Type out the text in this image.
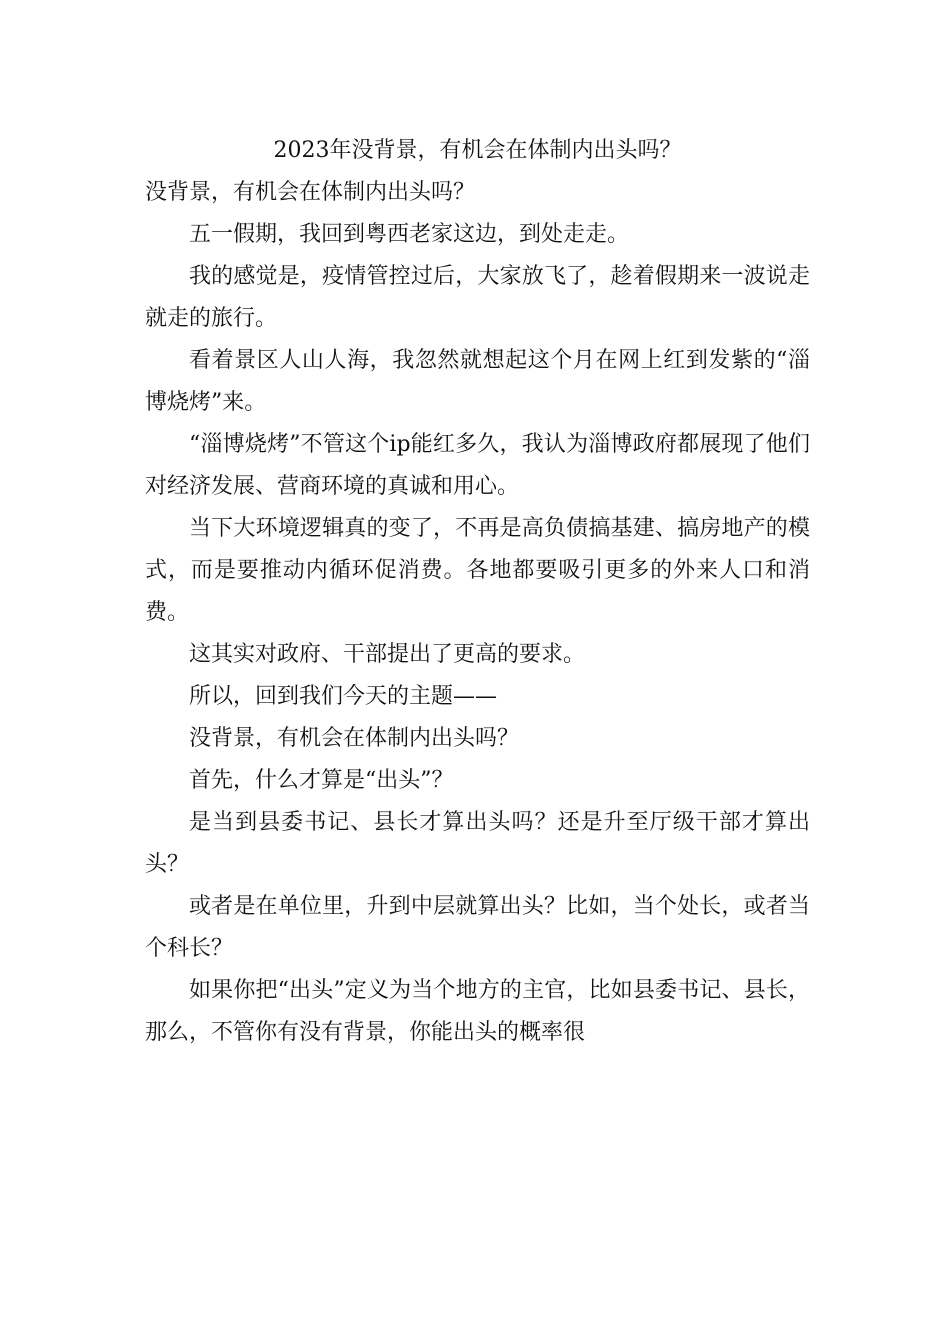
2023年没背景，有机会在体制内出头吗？
没背景，有机会在体制内出头吗？
五一假期，我回到粤西老家这边，到处走走。
我的感觉是，疫情管控过后，大家放飞了，趁着假期来一波说走就走的旅行。
看着景区人山人海，我忽然就想起这个月在网上红到发紫的“淄博烧烤”来。
“淄博烧烤”不管这个ip能红多久，我认为淄博政府都展现了他们对经济发展、营商环境的真诚和用心。
当下大环境逻辑真的变了，不再是高负债搞基建、搞房地产的模式，而是要推动内循环促消费。各地都要吸引更多的外来人口和消费。
这其实对政府、干部提出了更高的要求。
所以，回到我们今天的主题——
没背景，有机会在体制内出头吗？
首先，什么才算是“出头”？
是当到县委书记、县长才算出头吗？还是升至厅级干部才算出头？
或者是在单位里，升到中层就算出头？比如，当个处长，或者当个科长？
如果你把“出头”定义为当个地方的主官，比如县委书记、县长，那么，不管你有没有背景，你能出头的概率很
